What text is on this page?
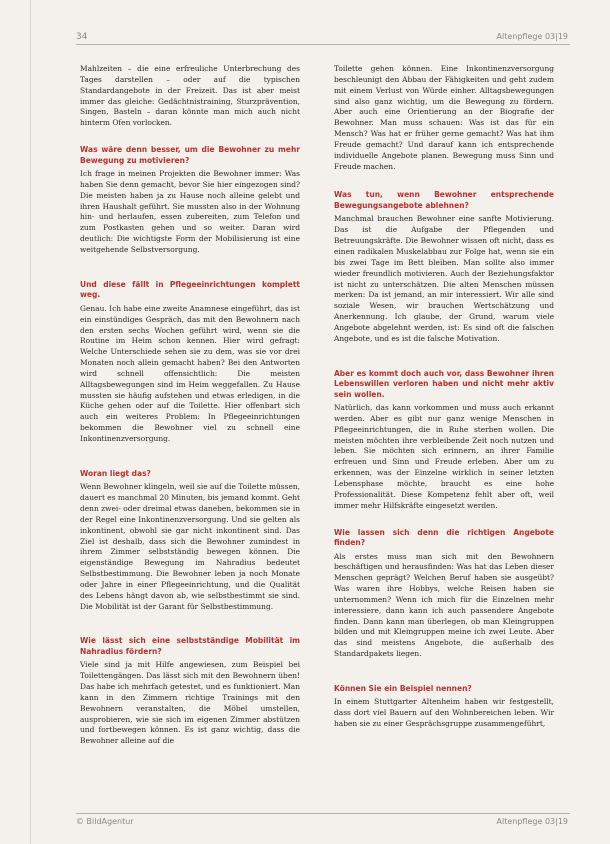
34	Altenpflege 03|19

Mahlzeiten – die eine erfreuliche Unterbrechung des Tages darstellen – oder auf die typischen Standardangebote in der Freizeit. Das ist aber meist immer das gleiche: Gedächtnistraining, Sturzprävention, Singen, Basteln – daran könnte man mich auch nicht hinterm Ofen vorlocken.

Was wäre denn besser, um die Bewohner zu mehr Bewegung zu motivieren?

Ich frage in meinen Projekten die Bewohner immer: Was haben Sie denn gemacht, bevor Sie hier eingezogen sind? Die meisten haben ja zu Hause noch alleine gelebt und ihren Haushalt geführt. Sie mussten also in der Wohnung hin- und herlaufen, essen zubereiten, zum Telefon und zum Postkasten gehen und so weiter. Daran wird deutlich: Die wichtigste Form der Mobilisierung ist eine weitgehende Selbstversorgung.

Und diese fällt in Pflegeeinrichtungen komplett weg.

Genau. Ich habe eine zweite Anamnese eingeführt, das ist ein einstündiges Gespräch, das mit den Bewohnern nach den ersten sechs Wochen geführt wird, wenn sie die Routine im Heim schon kennen. Hier wird gefragt: Welche Unterschiede sehen sie zu dem, was sie vor drei Monaten noch allein gemacht haben? Bei den Antworten wird schnell offensichtlich: Die meisten Alltagsbewegungen sind im Heim weggefallen. Zu Hause mussten sie häufig aufstehen und etwas erledigen, in die Küche gehen oder auf die Toilette. Hier offenbart sich auch ein weiteres Problem: In Pflegeeinrichtungen bekommen die Bewohner viel zu schnell eine Inkontinenzversorgung.

Woran liegt das?

Wenn Bewohner klingeln, weil sie auf die Toilette müssen, dauert es manchmal 20 Minuten, bis jemand kommt. Geht denn zwei- oder dreimal etwas daneben, bekommen sie in der Regel eine Inkontinenzversorgung. Und sie gelten als inkontinent, obwohl sie gar nicht inkontinent sind. Das Ziel ist deshalb, dass sich die Bewohner zumindest in ihrem Zimmer selbstständig bewegen können. Die eigenständige Bewegung im Nahradius bedeutet Selbstbestimmung. Die Bewohner leben ja noch Monate oder Jahre in einer Pflegeeinrichtung, und die Qualität des Lebens hängt davon ab, wie selbstbestimmt sie sind. Die Mobilität ist der Garant für Selbstbestimmung.

Wie lässt sich eine selbstständige Mobilität im Nahradius fördern?

Viele sind ja mit Hilfe angewiesen, zum Beispiel bei Toilettengängen. Das lässt sich mit den Bewohnern üben! Das habe ich mehrfach getestet, und es funktioniert. Man kann in den Zimmern richtige Trainings mit den Bewohnern veranstalten, die Möbel umstellen, ausprobieren, wie sie sich im eigenen Zimmer abstützen und fortbewegen können. Es ist ganz wichtig, dass die Bewohner alleine auf die

Toilette gehen können. Eine Inkontinenzversorgung beschleunigt den Abbau der Fähigkeiten und geht zudem mit einem Verlust von Würde einher. Alltagsbewegungen sind also ganz wichtig, um die Bewegung zu fördern. Aber auch eine Orientierung an der Biografie der Bewohner. Man muss schauen: Was ist das für ein Mensch? Was hat er früher gerne gemacht? Was hat ihm Freude gemacht? Und darauf kann ich entsprechende individuelle Angebote planen. Bewegung muss Sinn und Freude machen.

Was tun, wenn Bewohner entsprechende Bewegungsangebote ablehnen?

Manchmal brauchen Bewohner eine sanfte Motivierung. Das ist die Aufgabe der Pflegenden und Betreuungskräfte. Die Bewohner wissen oft nicht, dass es einen radikalen Muskelabbau zur Folge hat, wenn sie ein bis zwei Tage im Bett bleiben. Man sollte also immer wieder freundlich motivieren. Auch der Beziehungsfaktor ist nicht zu unterschätzen. Die alten Menschen müssen merken: Da ist jemand, an mir interessiert. Wir alle sind soziale Wesen, wir brauchen Wertschätzung und Anerkennung. Ich glaube, der Grund, warum viele Angebote abgelehnt werden, ist: Es sind oft die falschen Angebote, und es ist die falsche Motivation.

Aber es kommt doch auch vor, dass Bewohner ihren Lebenswillen verloren haben und nicht mehr aktiv sein wollen.

Natürlich, das kann vorkommen und muss auch erkannt werden. Aber es gibt nur ganz wenige Menschen in Pflegeeinrichtungen, die in Ruhe sterben wollen. Die meisten möchten ihre verbleibende Zeit noch nutzen und leben. Sie möchten sich erinnern, an ihrer Familie erfreuen und Sinn und Freude erleben. Aber um zu erkennen, was der Einzelne wirklich in seiner letzten Lebensphase möchte, braucht es eine hohe Professionalität. Diese Kompetenz fehlt aber oft, weil immer mehr Hilfskräfte eingesetzt werden.

Wie lassen sich denn die richtigen Angebote finden?

Als erstes muss man sich mit den Bewohnern beschäftigen und herausfinden: Was hat das Leben dieser Menschen geprägt? Welchen Beruf haben sie ausgeübt? Was waren ihre Hobbys, welche Reisen haben sie unternommen? Wenn ich mich für die Einzelnen mehr interessiere, dann kann ich auch passendere Angebote finden. Dann kann man überlegen, ob man Kleingruppen bilden und mit Kleingruppen meine ich zwei Leute. Aber das sind meistens Angebote, die außerhalb des Standardpakets liegen.

Können Sie ein Beispiel nennen?

In einem Stuttgarter Altenheim haben wir festgestellt, dass dort viel Bauern auf den Wohnbereichen leben. Wir haben sie zu einer Gesprächsgruppe zusammengeführt,

© BildAgentur	Altenpflege 03|19
